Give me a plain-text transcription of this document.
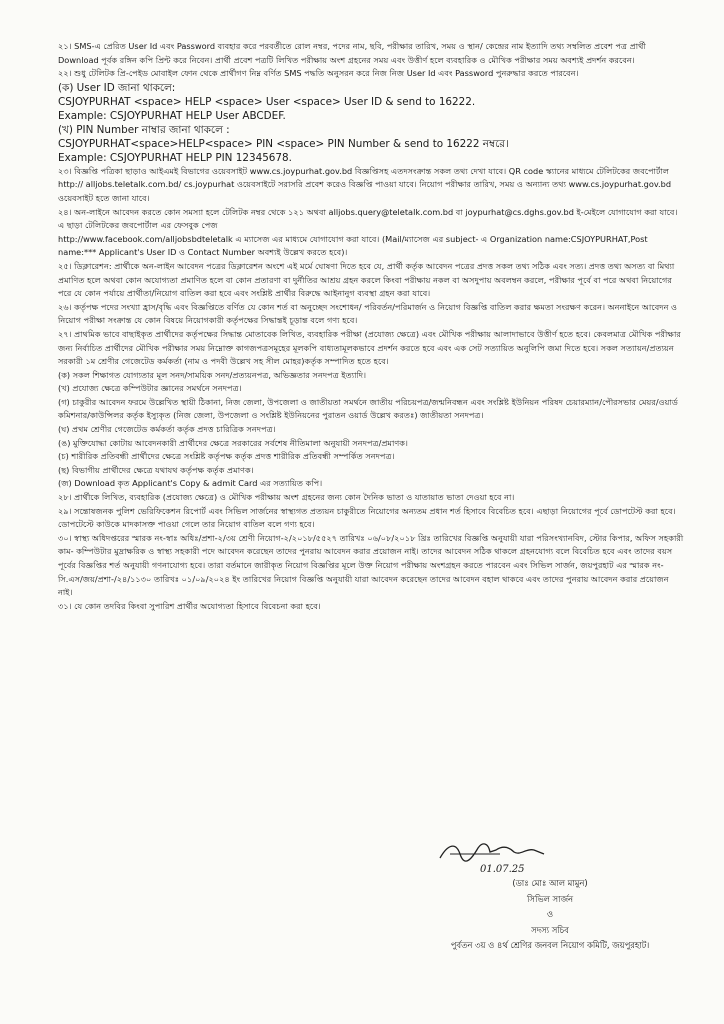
২১। SMS-এ প্রেরিত User Id এবং Password ব্যবহার করে পরবর্তীতে রোল নম্বর, পদের নাম, ছবি, পরীক্ষার তারিখ, সময় ও স্থান/ কেন্দ্রের নাম ইত্যাদি তথ্য সম্বলিত প্রবেশ পত্র প্রার্থী Download পূর্বক রঙ্গিন কপি প্রিন্ট করে নিবেন। প্রার্থী প্রবেশ পত্রটি লিখিত পরীক্ষায় অংশ গ্রহনের সময় এবং উত্তীর্ণ হলে ব্যবহারিক ও মৌখিক পরীক্ষার সময় অবশ্যই প্রদর্শন করবেন।

২২। শুধু টেলিটক প্রি-পেইড মোবাইল ফোন থেকে প্রার্থীগণ নিম্ন বর্ণিত SMS পদ্ধতি অনুসরন করে নিজ নিজ User Id এবং Password পুনরুদ্ধার করতে পারবেন।

(ক) User ID জানা থাকলে:

CSJOYPURHAT <space> HELP <space> User <space> User ID & send to 16222.

Example: CSJOYPURHAT HELP User ABCDEF.

(খ) PIN Number নাম্বার জানা থাকলে :

CSJOYPURHAT<space>HELP<space> PIN <space> PIN Number & send to 16222 নম্বরে।

Example: CSJOYPURHAT HELP PIN 12345678.

২৩। বিজ্ঞপ্তি পত্রিকা ছাড়াও আইএমই বিভাগের ওয়েবসাইট www.cs.joypurhat.gov.bd বিজ্ঞপ্তিসহ এতদসংক্রান্ত সকল তথ্য দেখা যাবে। QR code স্ক্যানের মাধ্যমে টেলিটকের জবপোর্টাল http:// alljobs.teletalk.com.bd/ cs.joypurhat ওয়েবসাইটে সরাসরি প্রবেশ করেও বিজ্ঞপ্তি পাওয়া যাবে। নিয়োগ পরীক্ষার তারিখ, সময় ও অন্যান্য তথ্য www.cs.joypurhat.gov.bd ওয়েবসাইট হতে জানা যাবে।

২৪। অন-লাইনে আবেদন করতে কোন সমস্যা হলে টেলিটক নম্বর থেকে ১২১ অথবা alljobs.query@teletalk.com.bd বা joypurhat@cs.dghs.gov.bd ই-মেইলে যোগাযোগ করা যাবে। এ ছাড়া টেলিটকের জবপোর্টাল এর ফেসবুক পেজ

http://www.facebook.com/alljobsbdteletalk এ ম্যাসেজ এর মাধ্যমে যোগাযোগ করা যাবে। (Mail/ম্যাসেজ এর subject- এ Organization name:CSJOYPURHAT,Post name:*** Applicant's User ID ও Contact Number অবশ্যই উল্লেখ করতে হবে)।

২৫। ডিক্লারেশন: প্রার্থীকে অন-লাইন আবেদন পত্রের ডিক্লারেশন অংশে এই মর্মে ঘোষণা দিতে হবে যে, প্রার্থী কর্তৃক আবেদন পত্রের প্রদত্ত সকল তথ্য সঠিক এবং সত্য। প্রদত্ত তথ্য অসত্য বা মিথ্যা প্রমাণিত হলে অথবা কোন অযোগ্যতা প্রমাণিত হলে বা কোন প্রতারণা বা দুর্নীতির আশ্রয় গ্রহন করলে কিংবা পরীক্ষায় নকল বা অসদুপায় অবলম্বন করলে, পরীক্ষার পূর্বে বা পরে অথবা নিয়োগের পরে যে কোন পর্যায়ে প্রার্থীতা/নিয়োগ বাতিল করা হবে এবং সংশ্লিষ্ট প্রার্থীর বিরুদ্ধে আইনানুগ ব্যবস্থা গ্রহন করা যাবে।

২৬। কর্তৃপক্ষ পদের সংখ্যা হ্রাস/বৃদ্ধি এবং বিজ্ঞপ্তিতে বর্ণিত যে কোন শর্ত বা অনুচ্ছেদ সংশোধন/ পরিবর্তন/পরিমার্জন ও নিয়োগ বিজ্ঞপ্তি বাতিল করার ক্ষমতা সংরক্ষণ করেন। অননাইনে আবেদন ও নিয়োগ পরীক্ষা সংক্রান্ত যে কোন বিষয়ে নিয়োগকারী কর্তৃপক্ষের সিদ্ধান্তই চূড়ান্ত বলে গণ্য হবে।

২৭। প্রাথমিক ভাবে বাছাইকৃত প্রার্থীদের কর্তৃপক্ষের সিদ্ধান্ত মোতাবেক লিখিত, ব্যবহারিক পরীক্ষা (প্রযোজ্য ক্ষেত্রে) এবং মৌখিক পরীক্ষায় আলাদাভাবে উত্তীর্ণ হতে হবে। কেবলমাত্র মৌখিক পরীক্ষার জন্য নির্বাচিত প্রার্থীদের মৌখিক পরীক্ষার সময় নিম্নোক্ত কাগজপত্রসমূহের মূলকপি বাধ্যতামূলকভাবে প্রদর্শন করতে হবে এবং এক সেট সত্যায়িত অনুলিপি জমা দিতে হবে। সকল সত্যায়ন/প্রত্যয়ন সরকারী ১ম শ্রেণীর গেজেটেড কর্মকর্তা (নাম ও পদবী উল্লেখ সহ সীল মোহর)কর্তৃক সম্পাদিত হতে হবে।

(ক) সকল শিক্ষাগত যোগ্যতার মূল সনদ/সাময়িক সনদ/প্রত্যয়নপত্র, অভিজ্ঞতার সনদপত্র ইত্যাদি।

(খ) প্রযোজ্য ক্ষেত্রে কম্পিউটার জ্ঞানের সমর্থনে সনদপত্র।

(গ) চাকুরীর আবেদন ফরমে উল্লেখিত স্থায়ী ঠিকানা, নিজ জেলা, উপজেলা ও জাতীয়তা সমর্থনে জাতীয় পরিচয়পত্র/জন্মনিবন্ধন এবং সংশ্লিষ্ট ইউনিয়ন পরিষদ চেয়ারম্যান/পৌরসভার মেয়র/ওয়ার্ড কমিশনার/কাউন্সিলর কর্তৃক ইস্যুকৃত (নিজ জেলা, উপজেলা ও সংশ্লিষ্ট ইউনিয়নের পুরাতন ওয়ার্ড উল্লেখ করতঃ) জাতীয়তা সনদপত্র।

(ঘ) প্রথম শ্রেণীর গেজেটেড কর্মকর্তা কর্তৃক প্রদত্ত চারিত্রিক সনদপত্র।

(ঙ) মুক্তিযোদ্ধা কোটায় আবেদনকারী প্রার্থীদের ক্ষেত্রে সরকারের সর্বশেষ নীতিমালা অনুযায়ী সনদপত্র/প্রমাণক।

(চ) শারীরিক প্রতিবন্ধী প্রার্থীদের ক্ষেত্রে সংশ্লিষ্ট কর্তৃপক্ষ কর্তৃক প্রদত্ত শারীরিক প্রতিবন্ধী সম্পর্কিত সনদপত্র।

(ছ) বিভাগীয় প্রার্থীদের ক্ষেত্রে যথাযথ কর্তৃপক্ষ কর্তৃক প্রমাণক।

(জ) Download কৃত Applicant's Copy & admit Card এর সত্যায়িত কপি।

২৮। প্রার্থীকে লিখিত, ব্যবহারিক (প্রযোজ্য ক্ষেত্রে) ও মৌখিক পরীক্ষায় অংশ গ্রহনের জন্য কোন দৈনিক ভাতা ও যাতায়াত ভাতা দেওয়া হবে না।

২৯। সন্তোষজনক পুলিশ ভেরিফিকেশন রিপোর্ট এবং সিভিল সার্জনের স্বাস্থ্যগত প্রত্যয়ন চাকুরীতে নিয়োগের অন্যতম প্রধান শর্ত হিসাবে বিবেচিত হবে। এছাড়া নিয়োগের পূর্বে ডোপটেস্ট করা হবে। ডোপটেস্টে কাউকে মাদকাসক্ত পাওয়া গেলে তার নিয়োগ বাতিল বলে গণ্য হবে।

৩০। স্বাস্থ্য অধিদপ্তরের স্মারক নং-স্বাঃ অধিঃ/প্রশা-২/৩য় শ্রেণী নিয়োগ-২/২০১৮/৫৫২৭ তারিখঃ ০৬/০৮/২০১৮ খ্রিঃ তারিখের বিজ্ঞপ্তি অনুযায়ী যারা পরিসংখ্যানবিদ, স্টোর কিপার, অফিস সহকারী কাম- কম্পিউটার মুদ্রাক্ষরিক ও স্বাস্থ্য সহকারী পদে আবেদন করেছেন তাদের পুনরায় আবেদন করার প্রয়োজন নাই। তাদের আবেদন সঠিক থাকলে গ্রহনযোগ্য বলে বিবেচিত হবে এবং তাদের বয়স পূর্বের বিজ্ঞপ্তির শর্ত অনুযায়ী গণনাযোগ্য হবে। তারা বর্তমানে জারীকৃত নিয়োগ বিজ্ঞপ্তির মূলে উক্ত নিয়োগ পরীক্ষায় অংশগ্রহন করতে পারবেন এবং সিভিল সার্জন, জয়পুরহাট এর স্মারক নং-সি.এস/জয়/প্রশা-/২৪/১১৩০ তারিখঃ ০১/০৯/২০২৪ ইং তারিখের নিয়োগ বিজ্ঞপ্তি অনুযায়ী যারা আবেদন করেছেন তাদের আবেদন বহাল থাকবে এবং তাদের পুনরায় আবেদন করার প্রয়োজন নাই।

৩১। যে কোন তদবির কিংবা সুপারিশ প্রার্থীর অযোগ্যতা হিসাবে বিবেচনা করা হবে।

01.07.25
(ডাঃ মোঃ আল মামুন)
সিভিল সার্জন
ও
সদস্য সচিব
পুর্বতন ৩য় ও ৪র্থ শ্রেণির জনবল নিয়োগ কমিটি, জয়পুরহাট।
